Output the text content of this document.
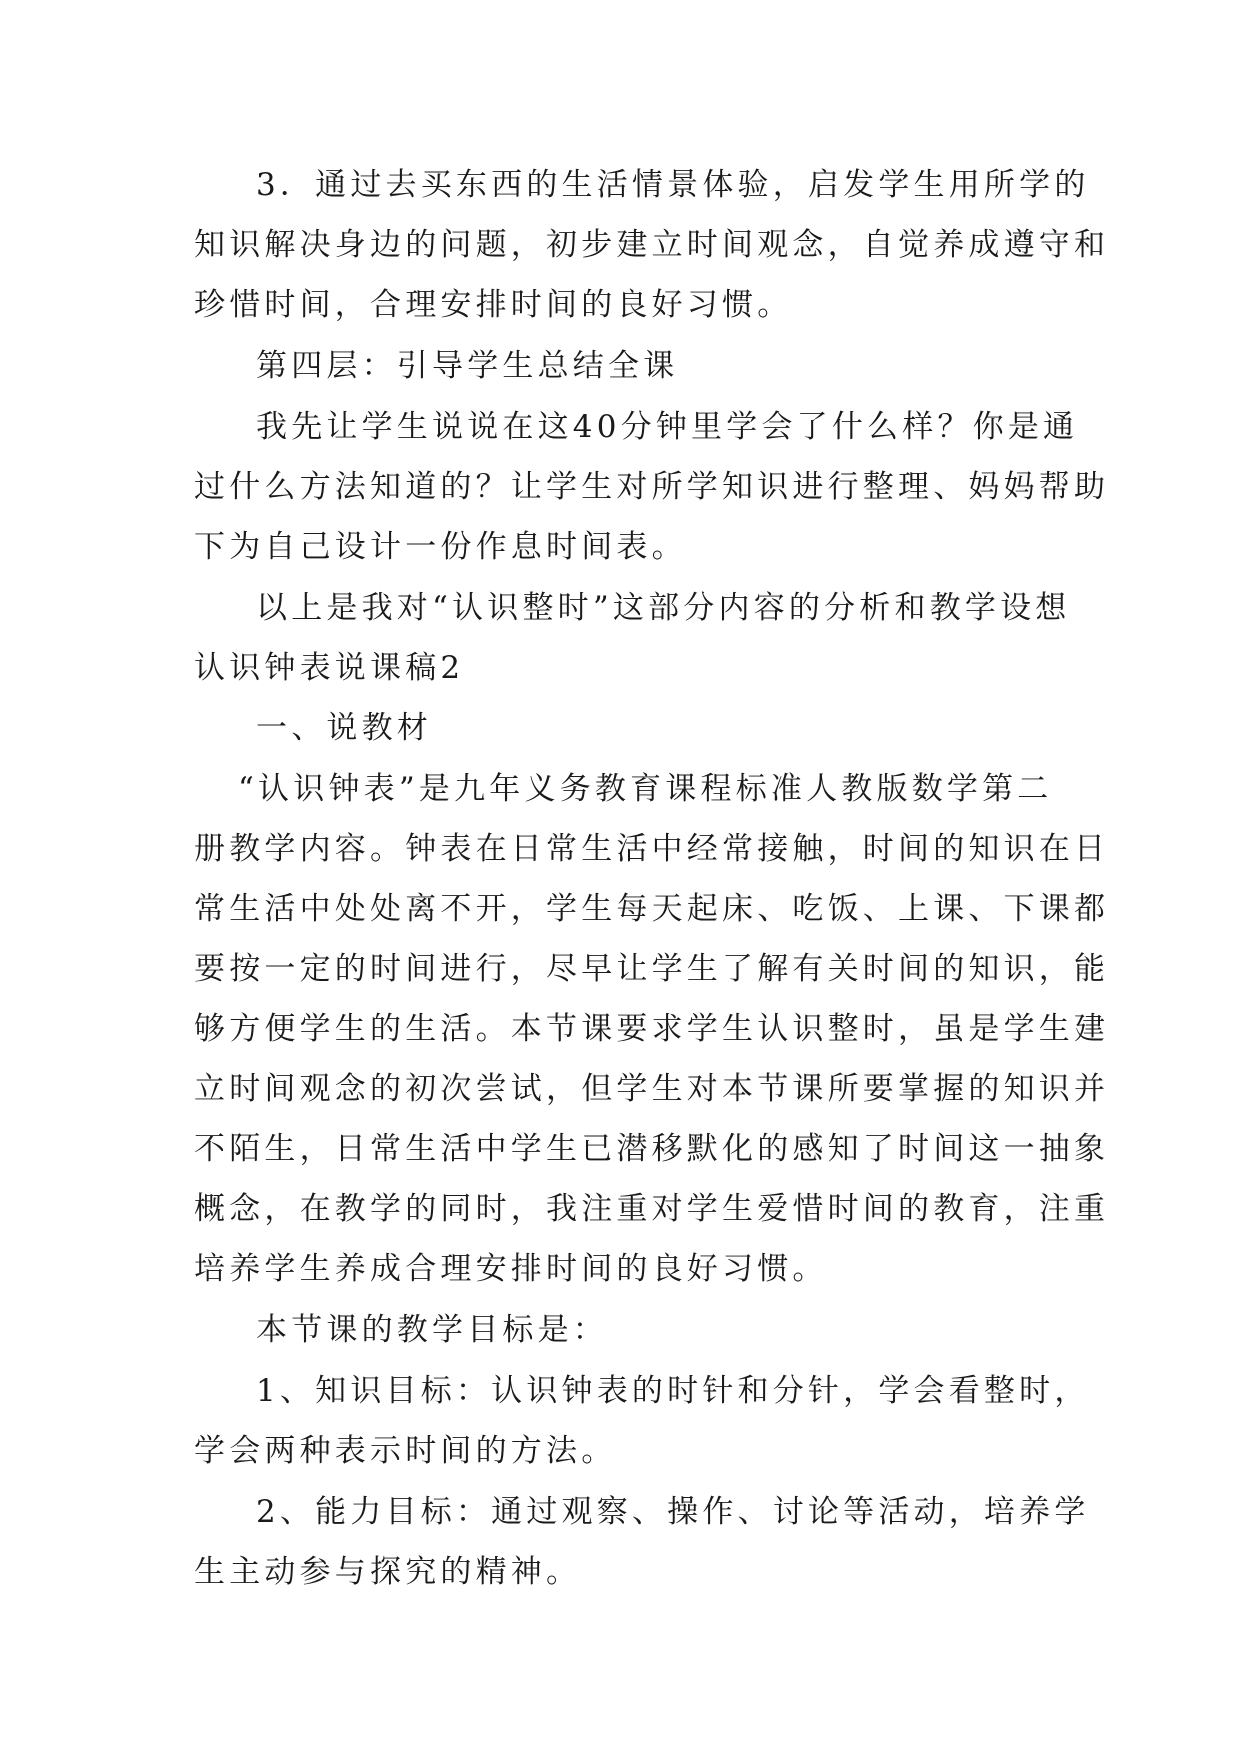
3．通过去买东西的生活情景体验，启发学生用所学的
知识解决身边的问题，初步建立时间观念，自觉养成遵守和
珍惜时间，合理安排时间的良好习惯。
第四层：引导学生总结全课
我先让学生说说在这40分钟里学会了什么样？你是通
过什么方法知道的？让学生对所学知识进行整理、妈妈帮助
下为自己设计一份作息时间表。
以上是我对“认识整时”这部分内容的分析和教学设想
认识钟表说课稿2
一、说教材
“认识钟表”是九年义务教育课程标准人教版数学第二
册教学内容。钟表在日常生活中经常接触，时间的知识在日
常生活中处处离不开，学生每天起床、吃饭、上课、下课都
要按一定的时间进行，尽早让学生了解有关时间的知识，能
够方便学生的生活。本节课要求学生认识整时，虽是学生建
立时间观念的初次尝试，但学生对本节课所要掌握的知识并
不陌生，日常生活中学生已潜移默化的感知了时间这一抽象
概念，在教学的同时，我注重对学生爱惜时间的教育，注重
培养学生养成合理安排时间的良好习惯。
本节课的教学目标是：
1、知识目标：认识钟表的时针和分针，学会看整时，
学会两种表示时间的方法。
2、能力目标：通过观察、操作、讨论等活动，培养学
生主动参与探究的精神。
